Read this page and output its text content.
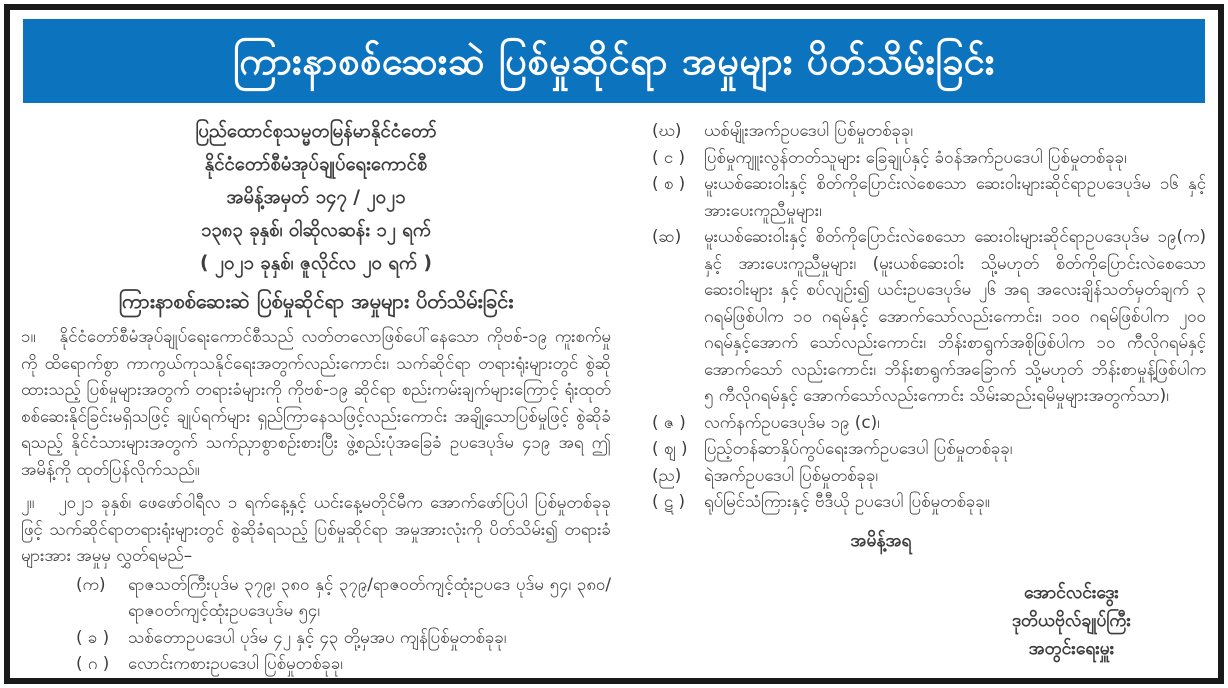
ကြားနာစစ်ဆေးဆဲ ပြစ်မှုဆိုင်ရာ အမှုများ ပိတ်သိမ်းခြင်း
ပြည်ထောင်စုသမ္မတမြန်မာနိုင်ငံတော်
နိုင်ငံတော်စီမံအုပ်ချုပ်ရေးကောင်စီ
အမိန့်အမှတ် ၁၄၇ / ၂၀၂၁
၁၃၈၃ ခုနှစ်၊ ဝါဆိုလဆန်း ၁၂ ရက်
( ၂၀၂၁ ခုနှစ်၊ ဇူလိုင်လ ၂၀ ရက် )
ကြားနာစစ်ဆေးဆဲ ပြစ်မှုဆိုင်ရာ အမှုများ ပိတ်သိမ်းခြင်း
၁။ နိုင်ငံတော်စီမံအုပ်ချုပ်ရေးကောင်စီသည် လတ်တလောဖြစ်ပေါ်နေသော ကိုဗစ်-၁၉ ကူးစက်မှုကို ထိရောက်စွာ ကာကွယ်ကုသနိုင်ရေးအတွက်လည်းကောင်း၊ သက်ဆိုင်ရာ တရားရုံးများတွင် စွဲဆိုထားသည့် ပြစ်မှုများအတွက် တရားခံများကို ကိုဗစ်-၁၉ ဆိုင်ရာ စည်းကမ်းချက်များကြောင့် ရုံးထုတ်စစ်ဆေးနိုင်ခြင်းမရှိသဖြင့် ချုပ်ရက်များ ရှည်ကြာနေသဖြင့်လည်းကောင်း အချို့သောပြစ်မှုဖြင့် စွဲဆိုခံရသည့် နိုင်ငံသားများအတွက် သက်ညှာစွာစဉ်းစားပြီး ဖွဲ့စည်းပုံအခြေခံ ဥပဒေပုဒ်မ ၄၁၉ အရ ဤအမိန့်ကို ထုတ်ပြန်လိုက်သည်။
၂။ ၂၀၂၁ ခုနှစ်၊ ဖေဖော်ဝါရီလ ၁ ရက်နေ့နှင့် ယင်းနေ့မတိုင်မီက အောက်ဖော်ပြပါ ပြစ်မှုတစ်ခုခုဖြင့် သက်ဆိုင်ရာတရားရုံးများတွင် စွဲဆိုခံရသည့် ပြစ်မှုဆိုင်ရာ အမှုအားလုံးကို ပိတ်သိမ်း၍ တရားခံများအား အမှုမှ လွှတ်ရမည်–
(က)	ရာဇသတ်ကြီးပုဒ်မ ၃၇၉၊ ၃၈၀ နှင့် ၃၇၉/ရာဇဝတ်ကျင့်ထုံးဥပဒေ ပုဒ်မ ၅၄၊ ၃၈၀/ ရာဇဝတ်ကျင့်ထုံးဥပဒေပုဒ်မ ၅၄၊
( ခ )	သစ်တောဥပဒေပါ ပုဒ်မ ၄၂ နှင့် ၄၃ တို့မှအပ ကျန်ပြစ်မှုတစ်ခုခု၊
( ဂ )	လောင်းကစားဥပဒေပါ ပြစ်မှုတစ်ခုခု၊
(ဃ)	ယစ်မျိုးအက်ဥပဒေပါ ပြစ်မှုတစ်ခုခု၊
( င )	ပြစ်မှုကျူးလွန်တတ်သူများ ခြေချုပ်နှင့် ခံဝန်အက်ဥပဒေပါ ပြစ်မှုတစ်ခုခု၊
( စ )	မူးယစ်ဆေးဝါးနှင့် စိတ်ကိုပြောင်းလဲစေသော ဆေးဝါးများဆိုင်ရာဥပဒေပုဒ်မ ၁၆ နှင့် အားပေးကူညီမှုများ၊
(ဆ)	မူးယစ်ဆေးဝါးနှင့် စိတ်ကိုပြောင်းလဲစေသော ဆေးဝါးများဆိုင်ရာဥပဒေပုဒ်မ ၁၉(က) နှင့် အားပေးကူညီမှုများ၊ (မူးယစ်ဆေးဝါး သို့မဟုတ် စိတ်ကိုပြောင်းလဲစေသောဆေးဝါးများ နှင့် စပ်လျဉ်း၍ ယင်းဥပဒေပုဒ်မ ၂၆ အရ အလေးချိန်သတ်မှတ်ချက် ၃ ဂရမ်ဖြစ်ပါက ၁၀ ဂရမ်နှင့် အောက်သော်လည်းကောင်း၊ ၁၀၀ ဂရမ်ဖြစ်ပါက ၂၀၀ ဂရမ်နှင့်အောက် သော်လည်းကောင်း၊ ဘိန်းစာရွက်အစိုဖြစ်ပါက ၁၀ ကီလိုဂရမ်နှင့်အောက်သော် လည်းကောင်း၊ ဘိန်းစာရွက်အခြောက် သို့မဟုတ် ဘိန်းစာမှုန့်ဖြစ်ပါက ၅ ကီလိုဂရမ်နှင့် အောက်သော်လည်းကောင်း သိမ်းဆည်းရမိမှုများအတွက်သာ)၊
( ဇ )	လက်နက်ဥပဒေပုဒ်မ ၁၉ (c)၊
( ဈ ) ပြည့်တန်ဆာနှိပ်ကွပ်ရေးအက်ဥပဒေပါ ပြစ်မှုတစ်ခုခု၊
(ည)	ရဲအက်ဥပဒေပါ ပြစ်မှုတစ်ခုခု၊
( ဋ )	ရုပ်မြင်သံကြားနှင့် ဗီဒီယို ဥပဒေပါ ပြစ်မှုတစ်ခုခု။
အမိန့်အရ
အောင်လင်းဒွေး
ဒုတိယဗိုလ်ချုပ်ကြီး
အတွင်းရေးမှူး
